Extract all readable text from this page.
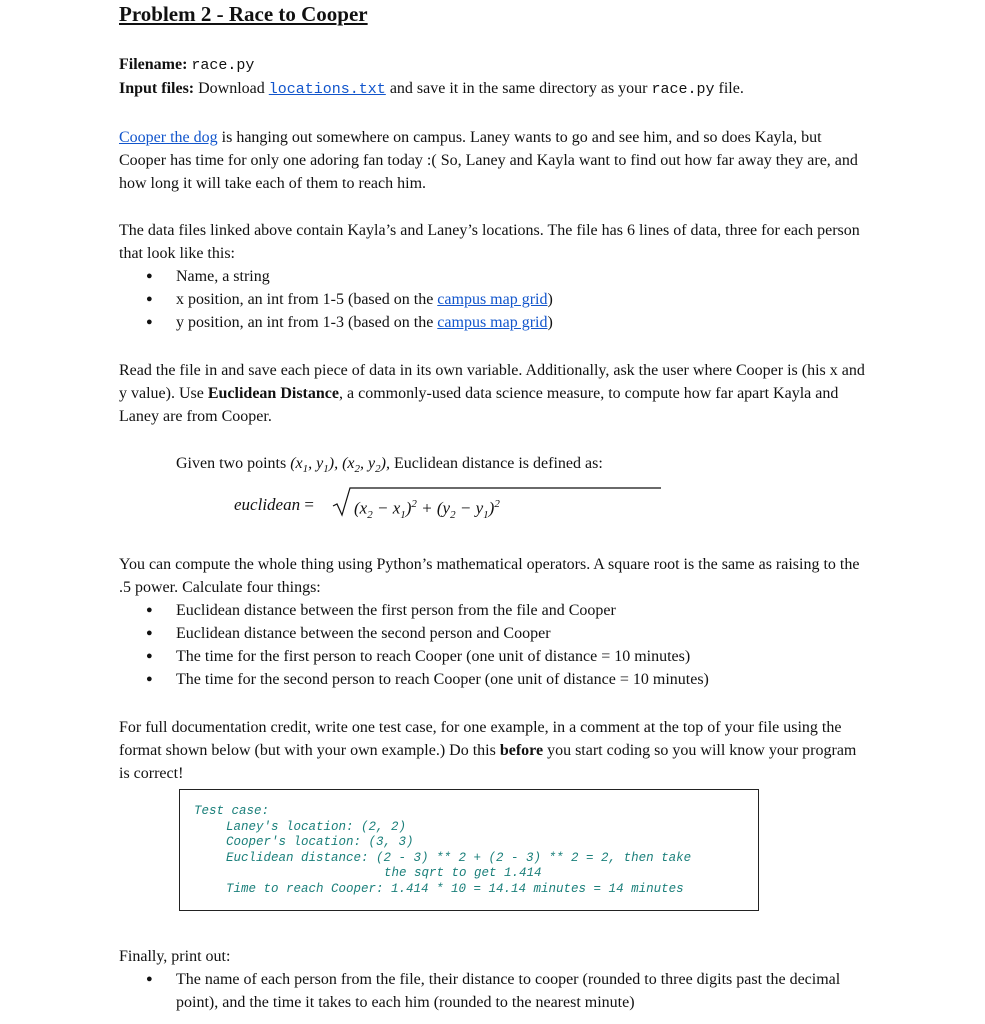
Problem 2 - Race to Cooper
Filename: race.py
Input files: Download locations.txt and save it in the same directory as your race.py file.

Cooper the dog is hanging out somewhere on campus. Laney wants to go and see him, and so does Kayla, but Cooper has time for only one adoring fan today :( So, Laney and Kayla want to find out how far away they are, and how long it will take each of them to reach him.

The data files linked above contain Kayla’s and Laney’s locations. The file has 6 lines of data, three for each person that look like this:

● Name, a string
● x position, an int from 1-5 (based on the campus map grid)
● y position, an int from 1-3 (based on the campus map grid)

Read the file in and save each piece of data in its own variable. Additionally, ask the user where Cooper is (his x and y value). Use Euclidean Distance, a commonly-used data science measure, to compute how far apart Kayla and Laney are from Cooper.

Given two points ($x_1$, $y_1$), ($x_2$, $y_2$), Euclidean distance is defined as:
euclidean = $(x_2 - x_1)^2 + (y_2 - y_1)^2$

You can compute the whole thing using Python’s mathematical operators. A square root is the same as raising to the .5 power. Calculate four things:

● Euclidean distance between the first person from the file and Cooper
● Euclidean distance between the second person and Cooper
● The time for the first person to reach Cooper (one unit of distance = 10 minutes)
● The time for the second person to reach Cooper (one unit of distance = 10 minutes)

For full documentation credit, write one test case, for one example, in a comment at the top of your file using the format shown below (but with your own example.) Do this before you start coding so you will know your program is correct!

Test case:
Laney's location: (2, 2)
Cooper's location: (3, 3)
Euclidean distance: (2 - 3) ** 2 + (2 - 3) ** 2 = 2, then take
the sqrt to get 1.414
Time to reach Cooper: 1.414 * 10 = 14.14 minutes = 14 minutes

Finally, print out:

● The name of each person from the file, their distance to cooper (rounded to three digits past the decimal point), and the time it takes to each him (rounded to the nearest minute)
